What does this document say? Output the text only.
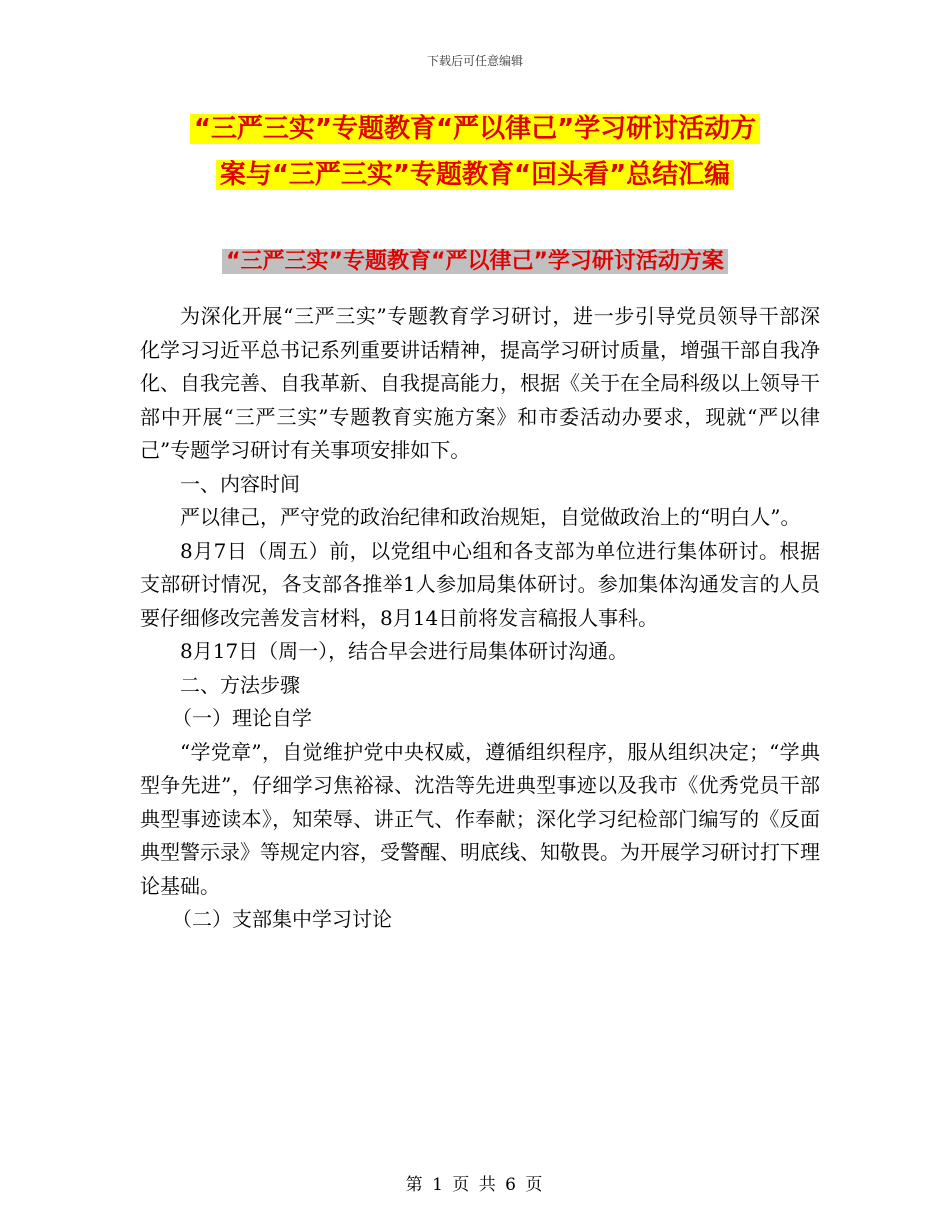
下载后可任意编辑
“三严三实”专题教育“严以律己”学习研讨活动方
案与“三严三实”专题教育“回头看”总结汇编
“三严三实”专题教育“严以律己”学习研讨活动方案

为深化开展“三严三实”专题教育学习研讨，进一步引导党员领导干部深化学习习近平总书记系列重要讲话精神，提高学习研讨质量，增强干部自我净化、自我完善、自我革新、自我提高能力，根据《关于在全局科级以上领导干部中开展“三严三实”专题教育实施方案》和市委活动办要求，现就“严以律己”专题学习研讨有关事项安排如下。

一、内容时间

严以律己，严守党的政治纪律和政治规矩，自觉做政治上的“明白人”。

8月7日（周五）前，以党组中心组和各支部为单位进行集体研讨。根据支部研讨情况，各支部各推举1人参加局集体研讨。参加集体沟通发言的人员要仔细修改完善发言材料，8月14日前将发言稿报人事科。

8月17日（周一），结合早会进行局集体研讨沟通。

二、方法步骤

（一）理论自学

“学党章”，自觉维护党中央权威，遵循组织程序，服从组织决定；“学典型争先进”，仔细学习焦裕禄、沈浩等先进典型事迹以及我市《优秀党员干部典型事迹读本》，知荣辱、讲正气、作奉献；深化学习纪检部门编写的《反面典型警示录》等规定内容，受警醒、明底线、知敬畏。为开展学习研讨打下理论基础。

（二）支部集中学习讨论

第 1 页 共 6 页
